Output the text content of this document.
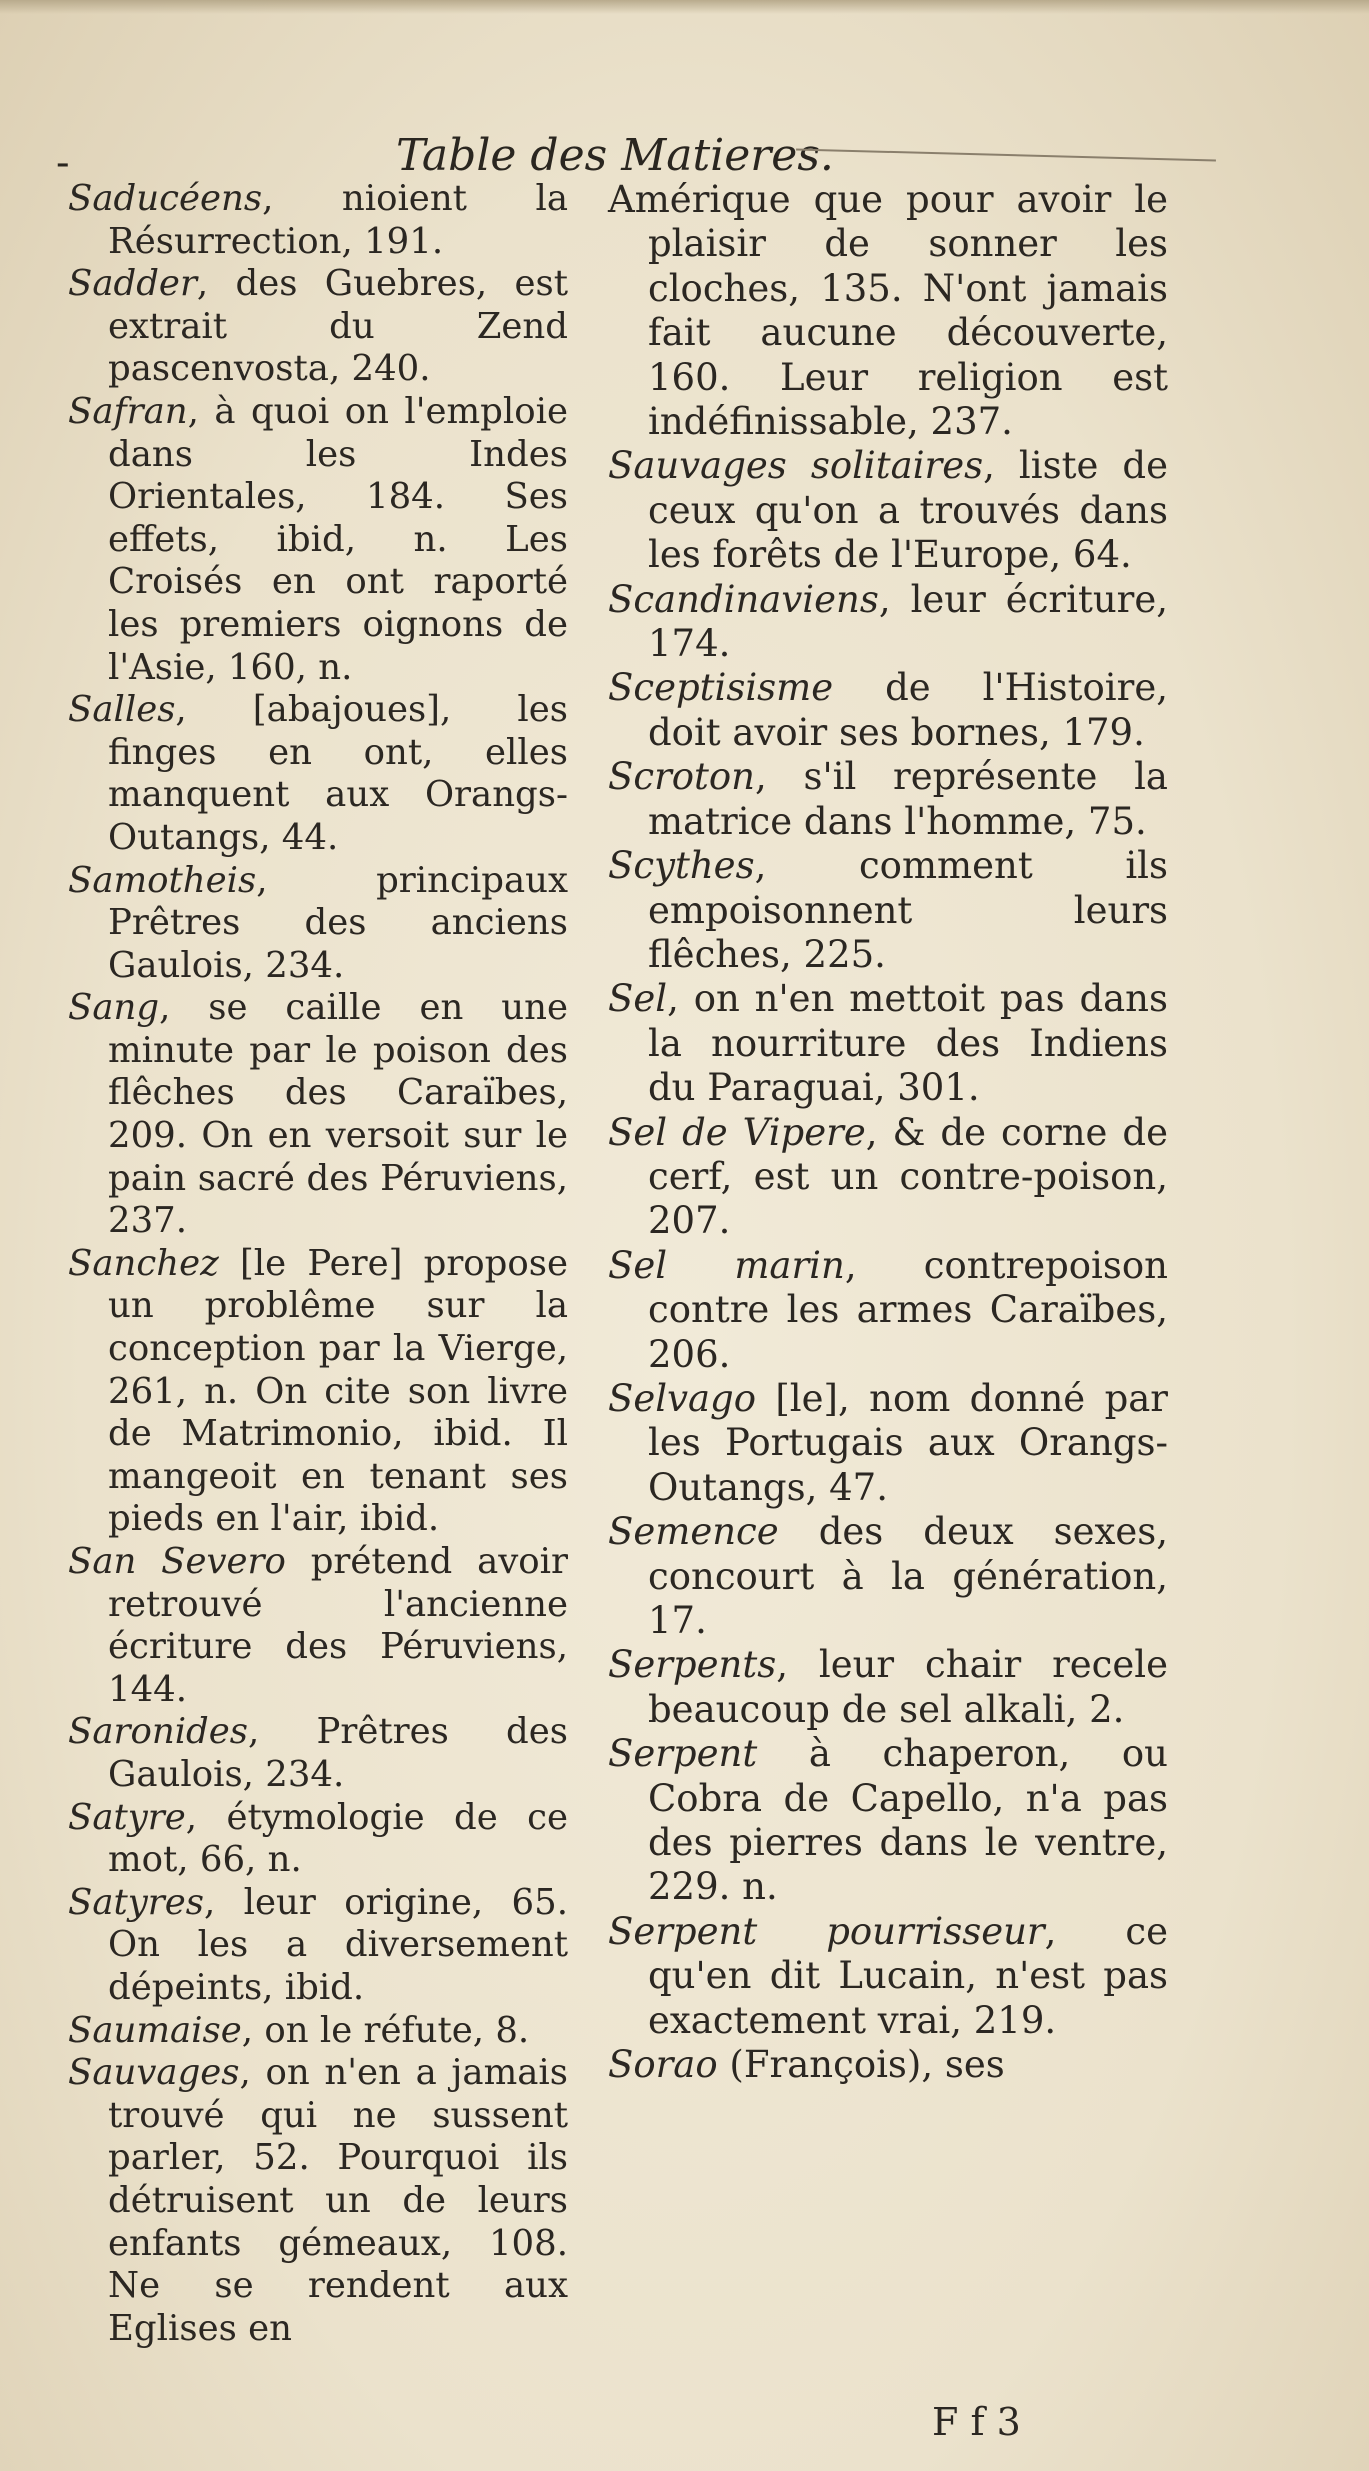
-	Table des Matieres.

Saducéens, nioient la Résurrection, 191.

Sadder, des Guebres, est extrait du Zend pascenvosta, 240.

Safran, à quoi on l'emploie dans les Indes Orientales, 184. Ses effets, ibid, n. Les Croisés en ont raporté les premiers oignons de l'Asie, 160, n.

Salles, [abajoues], les finges en ont, elles manquent aux Orangs-Outangs, 44.

Samotheis, principaux Prêtres des anciens Gaulois, 234.

Sang, se caille en une minute par le poison des flêches des Caraïbes, 209. On en versoit sur le pain sacré des Péruviens, 237.

Sanchez [le Pere] propose un problême sur la conception par la Vierge, 261, n. On cite son livre de Matrimonio, ibid. Il mangeoit en tenant ses pieds en l'air, ibid.

San Severo prétend avoir retrouvé l'ancienne écriture des Péruviens, 144.

Saronides, Prêtres des Gaulois, 234.

Satyre, étymologie de ce mot, 66, n.

Satyres, leur origine, 65. On les a diversement dépeints, ibid.

Saumaise, on le réfute, 8.

Sauvages, on n'en a jamais trouvé qui ne sussent parler, 52. Pourquoi ils détruisent un de leurs enfants gémeaux, 108. Ne se rendent aux Eglises en

Amérique que pour avoir le plaisir de sonner les cloches, 135. N'ont jamais fait aucune découverte, 160. Leur religion est indéfinissable, 237.

Sauvages solitaires, liste de ceux qu'on a trouvés dans les forêts de l'Europe, 64.

Scandinaviens, leur écriture, 174.

Sceptisisme de l'Histoire, doit avoir ses bornes, 179.

Scroton, s'il représente la matrice dans l'homme, 75.

Scythes, comment ils empoisonnent leurs flêches, 225.

Sel, on n'en mettoit pas dans la nourriture des Indiens du Paraguai, 301.

Sel de Vipere, & de corne de cerf, est un contre-poison, 207.

Sel marin, contrepoison contre les armes Caraïbes, 206.

Selvago [le], nom donné par les Portugais aux Orangs-Outangs, 47.

Semence des deux sexes, concourt à la génération, 17.

Serpents, leur chair recele beaucoup de sel alkali, 2.

Serpent à chaperon, ou Cobra de Capello, n'a pas des pierres dans le ventre, 229. n.

Serpent pourrisseur, ce qu'en dit Lucain, n'est pas exactement vrai, 219.

Sorao (François), ses

F f 3
